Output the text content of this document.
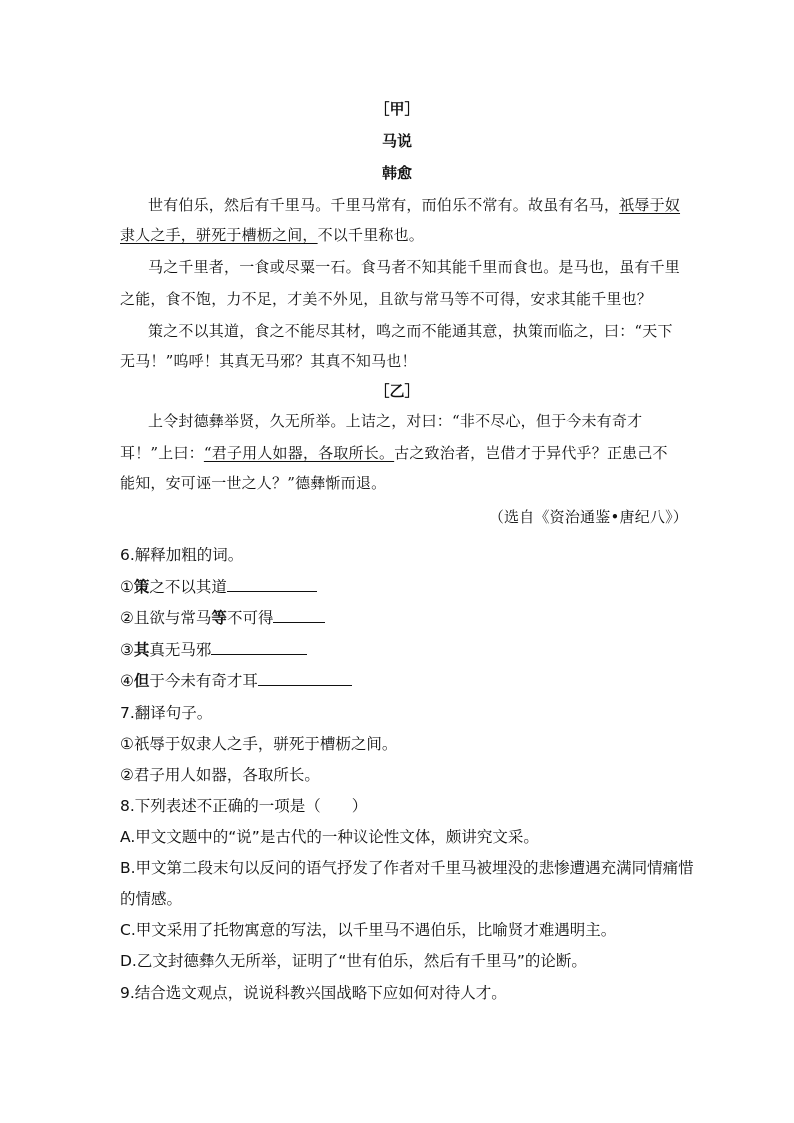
［甲］
马说
韩愈
世有伯乐，然后有千里马。千里马常有，而伯乐不常有。故虽有名马，祇辱于奴
隶人之手，骈死于槽枥之间，不以千里称也。
马之千里者，一食或尽粟一石。食马者不知其能千里而食也。是马也，虽有千里
之能，食不饱，力不足，才美不外见，且欲与常马等不可得，安求其能千里也？
策之不以其道，食之不能尽其材，鸣之而不能通其意，执策而临之，曰：“天下
无马！”呜呼！其真无马邪？其真不知马也！
［乙］
上令封德彝举贤，久无所举。上诘之，对曰：“非不尽心，但于今未有奇才
耳！”上曰：“君子用人如器，各取所长。古之致治者，岂借才于异代乎？正患己不
能知，安可诬一世之人？”德彝惭而退。
（选自《资治通鉴•唐纪八》）
6.解释加粗的词。
①策之不以其道
②且欲与常马等不可得
③其真无马邪
④但于今未有奇才耳
7.翻译句子。
①祇辱于奴隶人之手，骈死于槽枥之间。
②君子用人如器，各取所长。
8.下列表述不正确的一项是（　　）
A.甲文文题中的“说”是古代的一种议论性文体，颇讲究文采。
B.甲文第二段末句以反问的语气抒发了作者对千里马被埋没的悲惨遭遇充满同情痛惜
的情感。
C.甲文采用了托物寓意的写法，以千里马不遇伯乐，比喻贤才难遇明主。
D.乙文封德彝久无所举，证明了“世有伯乐，然后有千里马”的论断。
9.结合选文观点，说说科教兴国战略下应如何对待人才。
